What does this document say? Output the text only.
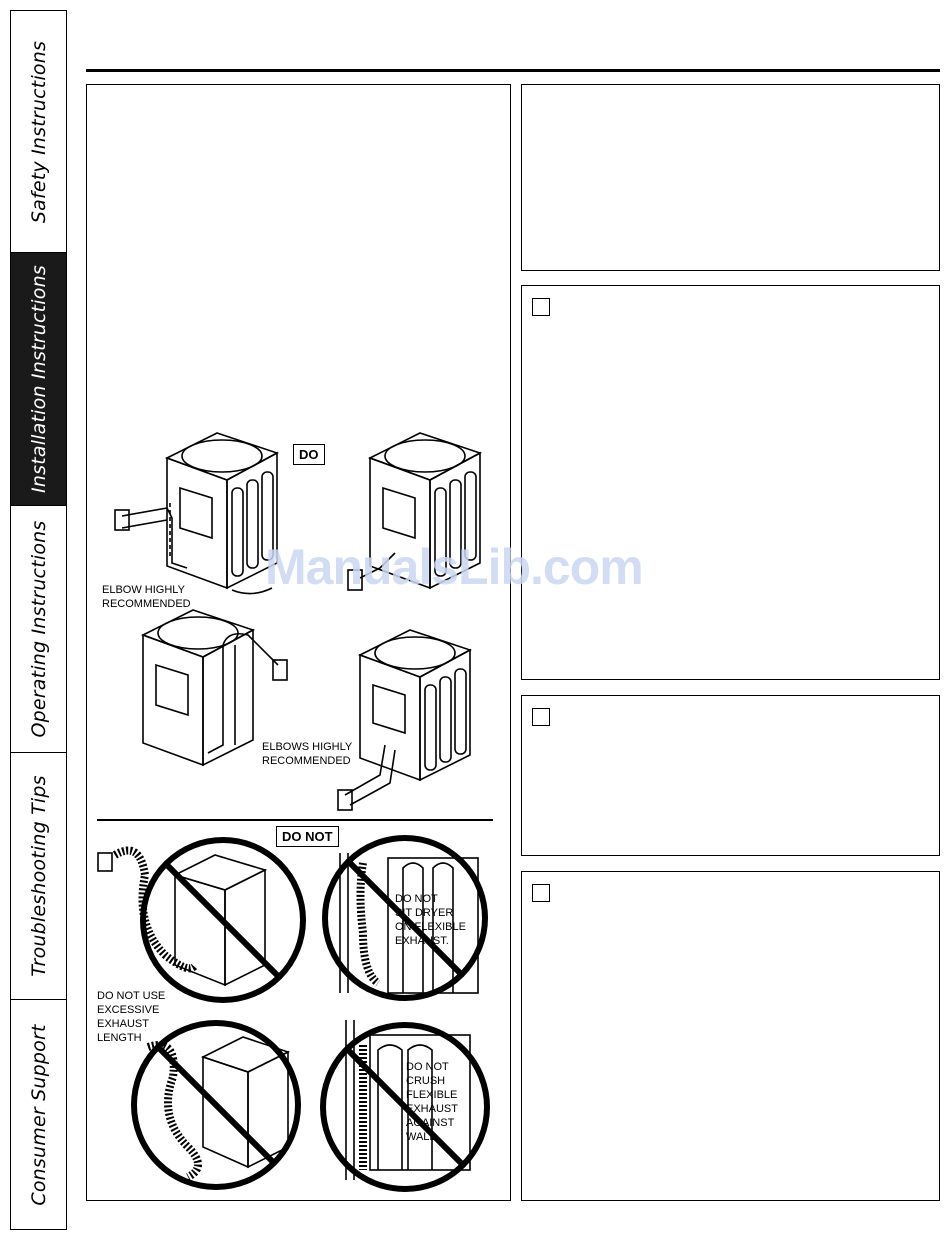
Safety Instructions
Installation Instructions
Operating Instructions
Troubleshooting Tips
Consumer Support
DO
ELBOW HIGHLY
RECOMMENDED
ELBOWS HIGHLY
RECOMMENDED
DO NOT
DO NOT USE
EXCESSIVE
EXHAUST
LENGTH
DO NOT
SIT DRYER
ON FLEXIBLE
EXHAUST.
DO NOT
CRUSH
FLEXIBLE
EXHAUST
AGAINST
WALL.
ManualsLib.com
